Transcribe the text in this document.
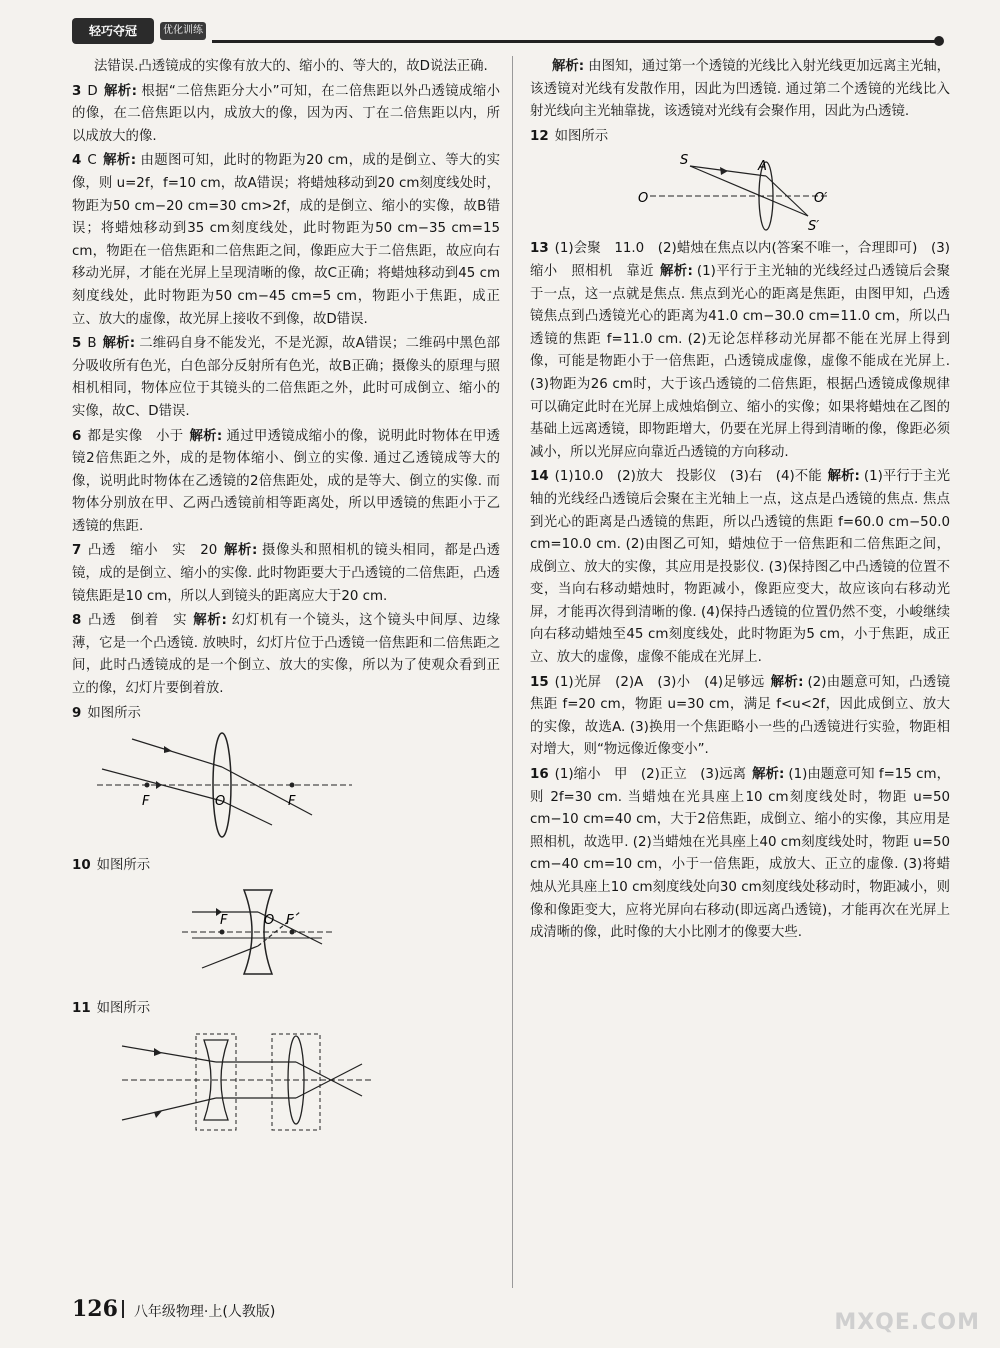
轻巧夺冠	优化训练
法错误.凸透镜成的实像有放大的、缩小的、等大的，故D说法正确.
3 D 解析: 根据“二倍焦距分大小”可知，在二倍焦距以外凸透镜成缩小的像，在二倍焦距以内，成放大的像，因为丙、丁在二倍焦距以内，所以成放大的像.
4 C 解析: 由题图可知，此时的物距为20 cm，成的是倒立、等大的实像，则 u=2f，f=10 cm，故A错误；将蜡烛移动到20 cm刻度线处时，物距为50 cm−20 cm=30 cm>2f，成的是倒立、缩小的实像，故B错误；将蜡烛移动到35 cm刻度线处，此时物距为50 cm−35 cm=15 cm，物距在一倍焦距和二倍焦距之间，像距应大于二倍焦距，故应向右移动光屏，才能在光屏上呈现清晰的像，故C正确；将蜡烛移动到45 cm刻度线处，此时物距为50 cm−45 cm=5 cm，物距小于焦距，成正立、放大的虚像，故光屏上接收不到像，故D错误.
5 B 解析: 二维码自身不能发光，不是光源，故A错误；二维码中黑色部分吸收所有色光，白色部分反射所有色光，故B正确；摄像头的原理与照相机相同，物体应位于其镜头的二倍焦距之外，此时可成倒立、缩小的实像，故C、D错误.
6 都是实像　小于 解析: 通过甲透镜成缩小的像，说明此时物体在甲透镜2倍焦距之外，成的是物体缩小、倒立的实像. 通过乙透镜成等大的像，说明此时物体在乙透镜的2倍焦距处，成的是等大、倒立的实像. 而物体分别放在甲、乙两凸透镜前相等距离处，所以甲透镜的焦距小于乙透镜的焦距.
7 凸透　缩小　实　20 解析: 摄像头和照相机的镜头相同，都是凸透镜，成的是倒立、缩小的实像. 此时物距要大于凸透镜的二倍焦距，凸透镜焦距是10 cm，所以人到镜头的距离应大于20 cm.
8 凸透　倒着　实 解析: 幻灯机有一个镜头，这个镜头中间厚、边缘薄，它是一个凸透镜. 放映时，幻灯片位于凸透镜一倍焦距和二倍焦距之间，此时凸透镜成的是一个倒立、放大的实像，所以为了使观众看到正立的像，幻灯片要倒着放.
9 如图所示
F	O	F
10 如图所示
F	O F
11 如图所示
解析: 由图知，通过第一个透镜的光线比入射光线更加远离主光轴，该透镜对光线有发散作用，因此为凹透镜. 通过第二个透镜的光线比入射光线向主光轴靠拢，该透镜对光线有会聚作用，因此为凸透镜.
12 如图所示
S	A
O	O′
S′
13 (1)会聚　11.0　(2)蜡烛在焦点以内(答案不唯一，合理即可)　(3)缩小　照相机　靠近 解析: (1)平行于主光轴的光线经过凸透镜后会聚于一点，这一点就是焦点. 焦点到光心的距离是焦距，由图甲知，凸透镜焦点到凸透镜光心的距离为41.0 cm−30.0 cm=11.0 cm，所以凸透镜的焦距 f=11.0 cm. (2)无论怎样移动光屏都不能在光屏上得到像，可能是物距小于一倍焦距，凸透镜成虚像，虚像不能成在光屏上. (3)物距为26 cm时，大于该凸透镜的二倍焦距，根据凸透镜成像规律可以确定此时在光屏上成烛焰倒立、缩小的实像；如果将蜡烛在乙图的基础上远离透镜，即物距增大，仍要在光屏上得到清晰的像，像距必须减小，所以光屏应向靠近凸透镜的方向移动.
14 (1)10.0　(2)放大　投影仪　(3)右　(4)不能 解析: (1)平行于主光轴的光线经凸透镜后会聚在主光轴上一点，这点是凸透镜的焦点. 焦点到光心的距离是凸透镜的焦距，所以凸透镜的焦距 f=60.0 cm−50.0 cm=10.0 cm. (2)由图乙可知，蜡烛位于一倍焦距和二倍焦距之间，成倒立、放大的实像，其应用是投影仪. (3)保持图乙中凸透镜的位置不变，当向右移动蜡烛时，物距减小，像距应变大，故应该向右移动光屏，才能再次得到清晰的像. (4)保持凸透镜的位置仍然不变，小峻继续向右移动蜡烛至45 cm刻度线处，此时物距为5 cm，小于焦距，成正立、放大的虚像，虚像不能成在光屏上.
15 (1)光屏　(2)A　(3)小　(4)足够远 解析: (2)由题意可知，凸透镜焦距 f=20 cm，物距 u=30 cm，满足 f<u<2f，因此成倒立、放大的实像，故选A. (3)换用一个焦距略小一些的凸透镜进行实验，物距相对增大，则“物远像近像变小”.
16 (1)缩小　甲　(2)正立　(3)远离 解析: (1)由题意可知 f=15 cm，则 2f=30 cm. 当蜡烛在光具座上10 cm刻度线处时，物距 u=50 cm−10 cm=40 cm，大于2倍焦距，成倒立、缩小的实像，其应用是照相机，故选甲. (2)当蜡烛在光具座上40 cm刻度线处时，物距 u=50 cm−40 cm=10 cm，小于一倍焦距，成放大、正立的虚像. (3)将蜡烛从光具座上10 cm刻度线处向30 cm刻度线处移动时，物距减小，则像和像距变大，应将光屏向右移动(即远离凸透镜)，才能再次在光屏上成清晰的像，此时像的大小比刚才的像要大些.
126 八年级物理·上(人教版)	MXQE.COM
